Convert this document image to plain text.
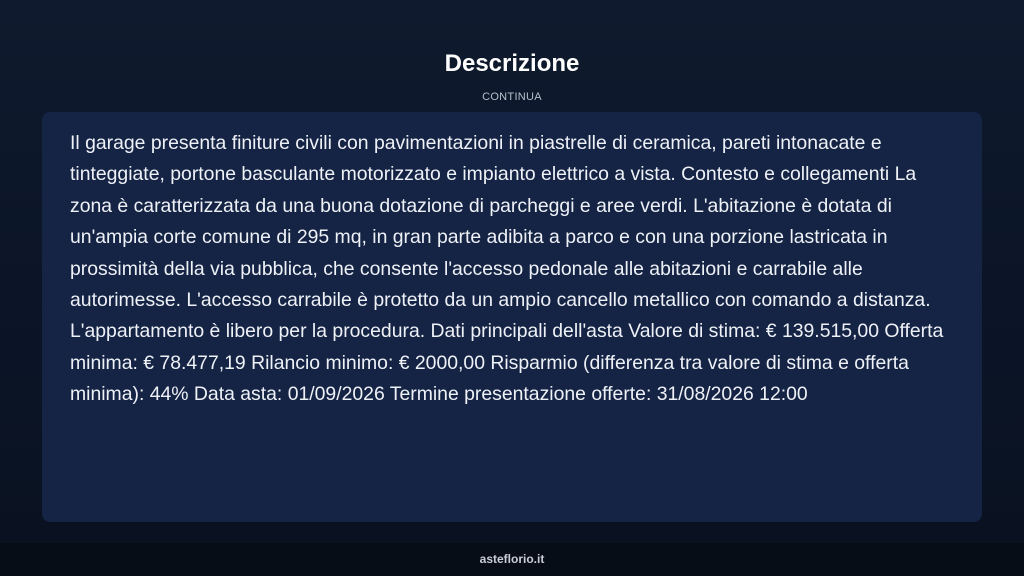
Descrizione
CONTINUA

Il garage presenta finiture civili con pavimentazioni in piastrelle di ceramica, pareti intonacate e tinteggiate, portone basculante motorizzato e impianto elettrico a vista. Contesto e collegamenti La zona è caratterizzata da una buona dotazione di parcheggi e aree verdi. L'abitazione è dotata di un'ampia corte comune di 295 mq, in gran parte adibita a parco e con una porzione lastricata in prossimità della via pubblica, che consente l'accesso pedonale alle abitazioni e carrabile alle autorimesse. L'accesso carrabile è protetto da un ampio cancello metallico con comando a distanza. L'appartamento è libero per la procedura. Dati principali dell'asta Valore di stima: € 139.515,00 Offerta minima: € 78.477,19 Rilancio minimo: € 2000,00 Risparmio (differenza tra valore di stima e offerta minima): 44% Data asta: 01/09/2026 Termine presentazione offerte: 31/08/2026 12:00

asteflorio.it
